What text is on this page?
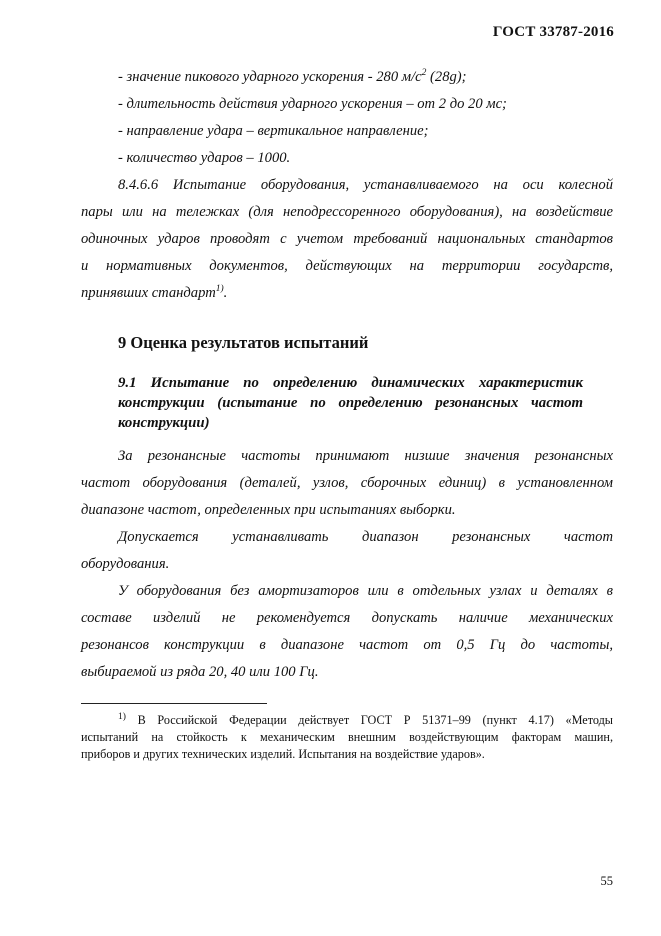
ГОСТ 33787-2016
- значение пикового ударного ускорения - 280 $м/с^2$ (28g);
- длительность действия ударного ускорения – от 2 до 20 мс;
- направление удара – вертикальное направление;
- количество ударов – 1000.
8.4.6.6 Испытание оборудования, устанавливаемого на оси колесной
пары или на тележках (для неподрессоренного оборудования), на воздействие
одиночных ударов проводят с учетом требований национальных стандартов
и нормативных документов, действующих на территории государств,
принявших стандарт$^{1)}$.
9 Оценка результатов испытаний
9.1 Испытание по определению динамических характеристик
конструкции (испытание по определению резонансных частот
конструкции)
За резонансные частоты принимают низшие значения резонансных
частот оборудования (деталей, узлов, сборочных единиц) в установленном
диапазоне частот, определенных при испытаниях выборки.
Допускается устанавливать диапазон резонансных частот
оборудования.
У оборудования без амортизаторов или в отдельных узлах и деталях в
составе изделий не рекомендуется допускать наличие механических
резонансов конструкции в диапазоне частот от 0,5 Гц до частоты,
выбираемой из ряда 20, 40 или 100 Гц.
$^{1)}$ В Российской Федерации действует ГОСТ Р 51371–99 (пункт 4.17) «Методы
испытаний на стойкость к механическим внешним воздействующим факторам машин,
приборов и других технических изделий. Испытания на воздействие ударов».
55
